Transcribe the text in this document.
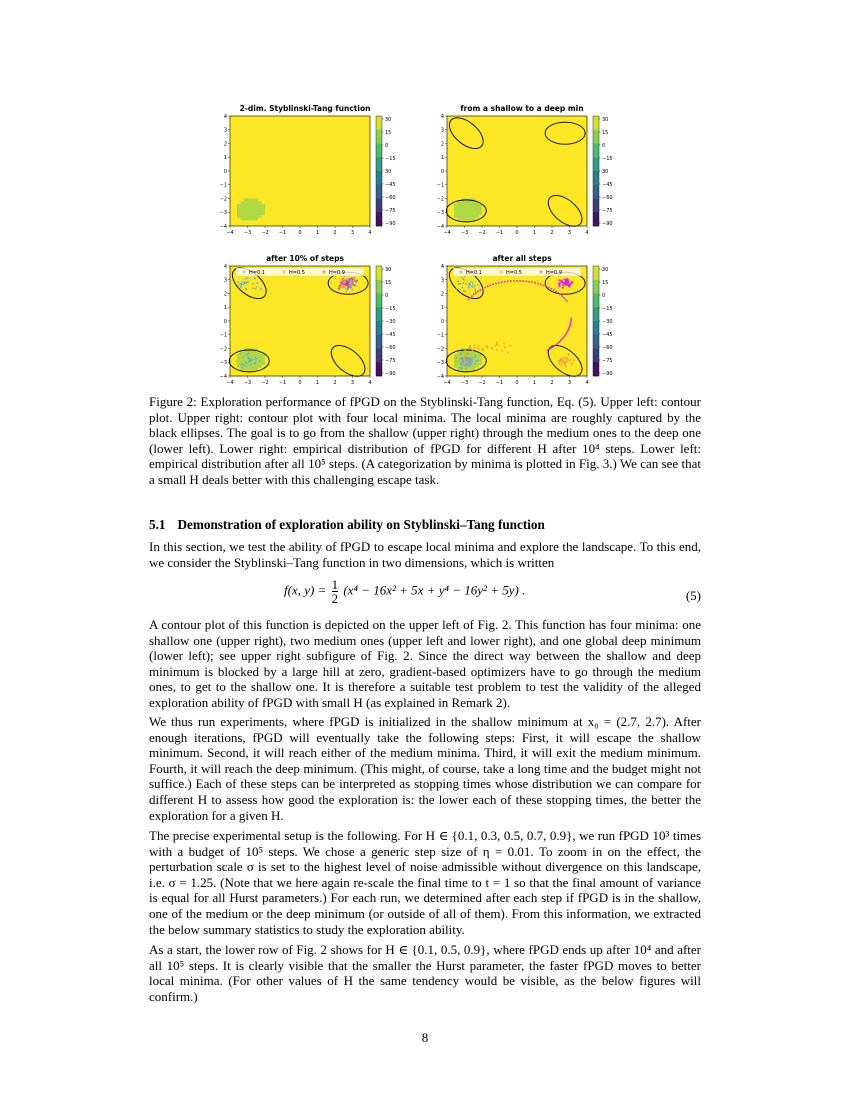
2-dim. Styblinski-Tang function
−4 −3 −2 −1 0	1	2	3	4
4
3
2
1
0
−1
−2
−3
−4
30
15
0
−15
30
−45
−60
−75
−90
from a shallow to a deep min
−4 −3 −2 −1 0	1	2	3	4
4
3
2
1
0
−1
−2
−3
−4
30
15
0
−15
30
−45
−60
−75
−90
after 10% of steps
−4 −3 −2 −1 0	1	2	3	4
4
3
2
1
0
−1
−2
−3
−4
30
15
0
−15
−30
−45
−60
−75
−90
× H=0.1	× H=0.5	× H=0.9
after all steps
−4 −3 −2 −1 0	1	2	3	4
4
3
2
1
0
−1
−2
−3
−4
30
15
0
−15
−30
−45
−60
−75
−90
× H=0.1	× H=0.5	× H=0.9
Figure 2: Exploration performance of fPGD on the Styblinski-Tang function, Eq. (5). Upper left: contour plot. Upper right: contour plot with four local minima. The local minima are roughly captured by the black ellipses. The goal is to go from the shallow (upper right) through the medium ones to the deep one (lower left). Lower right: empirical distribution of fPGD for different H after 10⁴ steps. Lower left: empirical distribution after all 10⁵ steps. (A categorization by minima is plotted in Fig. 3.) We can see that a small H deals better with this challenging escape task.
5.1 Demonstration of exploration ability on Styblinski–Tang function
In this section, we test the ability of fPGD to escape local minima and explore the landscape. To this end, we consider the Styblinski–Tang function in two dimensions, which is written
f(x, $y) = \frac{1}{2} (x^4 - 16x^2 + 5x + y^4 - 16y^2 + 5y)$ .	(5)
A contour plot of this function is depicted on the upper left of Fig. 2. This function has four minima: one shallow one (upper right), two medium ones (upper left and lower right), and one global deep minimum (lower left); see upper right subfigure of Fig. 2. Since the direct way between the shallow and deep minimum is blocked by a large hill at zero, gradient-based optimizers have to go through the medium ones, to get to the shallow one. It is therefore a suitable test problem to test the validity of the alleged exploration ability of fPGD with small H (as explained in Remark 2).
We thus run experiments, where fPGD is initialized in the shallow minimum at x₀ = (2.7, 2.7). After enough iterations, fPGD will eventually take the following steps: First, it will escape the shallow minimum. Second, it will reach either of the medium minima. Third, it will exit the medium minimum. Fourth, it will reach the deep minimum. (This might, of course, take a long time and the budget might not suffice.) Each of these steps can be interpreted as stopping times whose distribution we can compare for different H to assess how good the exploration is: the lower each of these stopping times, the better the exploration for a given H.
The precise experimental setup is the following. For H ∈ {0.1, 0.3, 0.5, 0.7, 0.9}, we run fPGD 10³ times with a budget of 10⁵ steps. We chose a generic step size of η = 0.01. To zoom in on the effect, the perturbation scale σ is set to the highest level of noise admissible without divergence on this landscape, i.e. σ = 1.25. (Note that we here again re-scale the final time to t = 1 so that the final amount of variance is equal for all Hurst parameters.) For each run, we determined after each step if fPGD is in the shallow, one of the medium or the deep minimum (or outside of all of them). From this information, we extracted the below summary statistics to study the exploration ability.
As a start, the lower row of Fig. 2 shows for H ∈ {0.1, 0.5, 0.9}, where fPGD ends up after 10⁴ and after all 10⁵ steps. It is clearly visible that the smaller the Hurst parameter, the faster fPGD moves to better local minima. (For other values of H the same tendency would be visible, as the below figures will confirm.)
8
